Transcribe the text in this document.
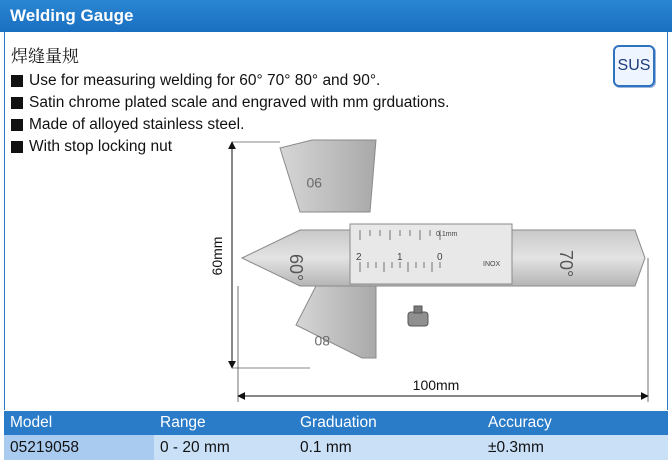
Welding Gauge
焊缝量规
Use for measuring welding for 60° 70° 80° and 90°.
Satin chrome plated scale and engraved with mm grduations.
Made of alloyed stainless steel.
With stop locking nut
SUS
90
80
60°	70°
0.1mm
2	1	0
INOX
60mm
100mm
Model	Range	Graduation	Accuracy
05219058	0 - 20 mm	0.1 mm	±0.3mm
